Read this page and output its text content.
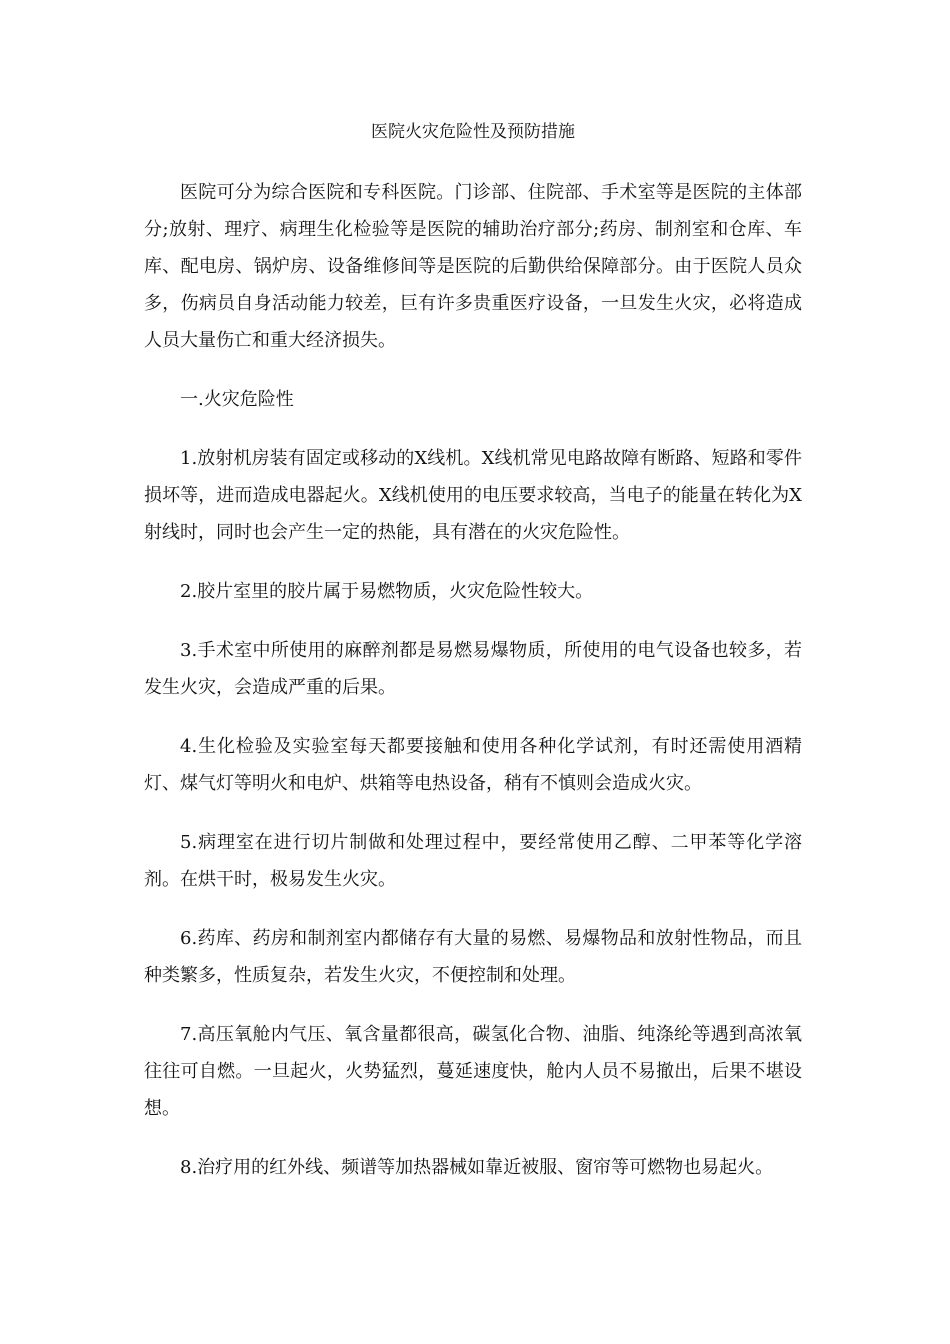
医院火灾危险性及预防措施

医院可分为综合医院和专科医院。门诊部、住院部、手术室等是医院的主体部分;放射、理疗、病理生化检验等是医院的辅助治疗部分;药房、制剂室和仓库、车库、配电房、锅炉房、设备维修间等是医院的后勤供给保障部分。由于医院人员众多，伤病员自身活动能力较差，巨有许多贵重医疗设备，一旦发生火灾，必将造成人员大量伤亡和重大经济损失。

一.火灾危险性

1.放射机房装有固定或移动的X线机。X线机常见电路故障有断路、短路和零件损坏等，进而造成电器起火。X线机使用的电压要求较高，当电子的能量在转化为X射线时，同时也会产生一定的热能，具有潜在的火灾危险性。

2.胶片室里的胶片属于易燃物质，火灾危险性较大。

3.手术室中所使用的麻醉剂都是易燃易爆物质，所使用的电气设备也较多，若发生火灾，会造成严重的后果。

4.生化检验及实验室每天都要接触和使用各种化学试剂，有时还需使用酒精灯、煤气灯等明火和电炉、烘箱等电热设备，稍有不慎则会造成火灾。

5.病理室在进行切片制做和处理过程中，要经常使用乙醇、二甲苯等化学溶剂。在烘干时，极易发生火灾。

6.药库、药房和制剂室内都储存有大量的易燃、易爆物品和放射性物品，而且种类繁多，性质复杂，若发生火灾，不便控制和处理。

7.高压氧舱内气压、氧含量都很高，碳氢化合物、油脂、纯涤纶等遇到高浓氧往往可自燃。一旦起火，火势猛烈，蔓延速度快，舱内人员不易撤出，后果不堪设想。

8.治疗用的红外线、频谱等加热器械如靠近被服、窗帘等可燃物也易起火。
